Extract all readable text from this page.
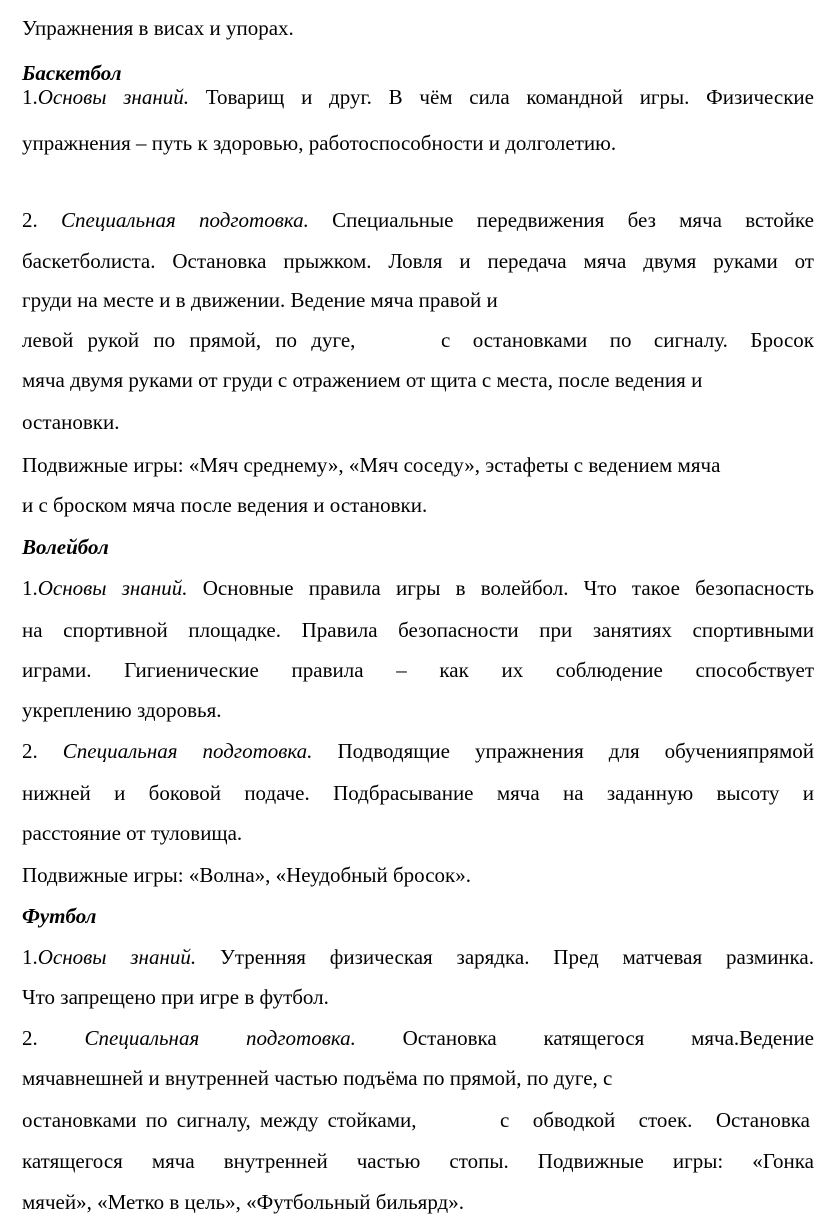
Упражнения в висах и упорах.
Баскетбол
1.Основы знаний. Товарищ и друг. В чём сила командной игры. Физические
упражнения – путь к здоровью, работоспособности и долголетию.
2. Специальная подготовка. Специальные передвижения без мяча встойке
баскетболиста. Остановка прыжком. Ловля и передача мяча двумя руками от
груди на месте и в движении. Ведение мяча правой и
левой рукой по прямой, по дуге,	с остановками по сигналу. Бросок
мяча двумя руками от груди с отражением от щита с места, после ведения и
остановки.
Подвижные игры: «Мяч среднему», «Мяч соседу», эстафеты с ведением мяча
и с броском мяча после ведения и остановки.
Волейбол
1.Основы знаний. Основные правила игры в волейбол. Что такое безопасность
на спортивной площадке. Правила безопасности при занятиях спортивными
играми. Гигиенические правила – как их соблюдение способствует
укреплению здоровья.
2. Специальная подготовка. Подводящие упражнения для обученияпрямой
нижней и боковой подаче. Подбрасывание мяча на заданную высоту и
расстояние от туловища.
Подвижные игры: «Волна», «Неудобный бросок».
Футбол
1.Основы знаний. Утренняя физическая зарядка. Пред матчевая разминка.
Что запрещено при игре в футбол.
2. Специальная подготовка. Остановка катящегося мяча.Ведение
мячавнешней и внутренней частью подъёма по прямой, по дуге, с
остановками по сигналу, между стойками,	с обводкой стоек. Остановка
катящегося мяча внутренней частью стопы. Подвижные игры: «Гонка
мячей», «Метко в цель», «Футбольный бильярд».
